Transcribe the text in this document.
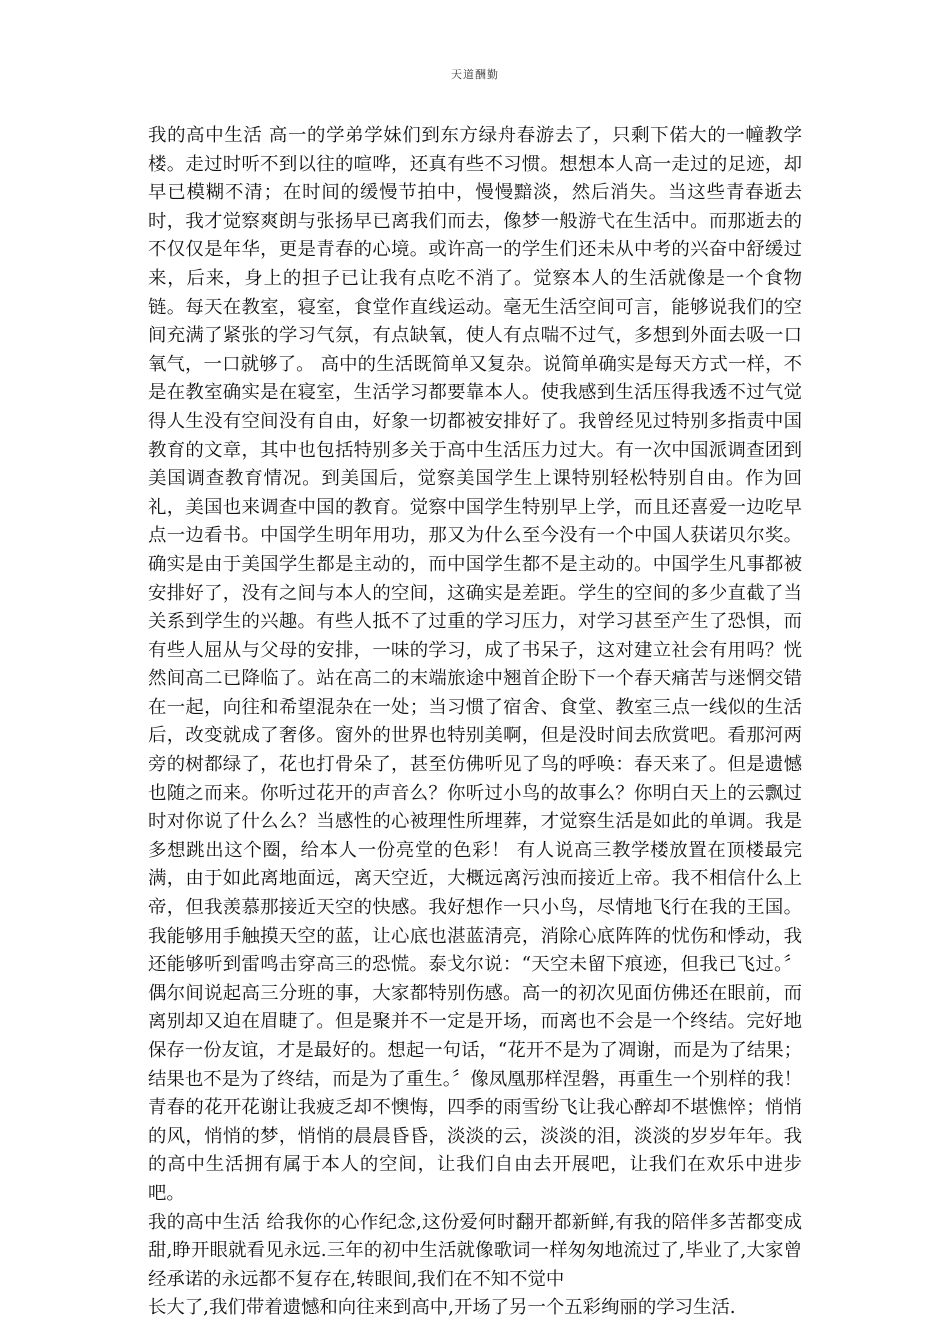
天道酬勤

我的高中生活 高一的学弟学妹们到东方绿舟春游去了，只剩下偌大的一幢教学楼。走过时听不到以往的喧哗，还真有些不习惯。想想本人高一走过的足迹，却早已模糊不清；在时间的缓慢节拍中，慢慢黯淡，然后消失。当这些青春逝去时，我才觉察爽朗与张扬早已离我们而去，像梦一般游弋在生活中。而那逝去的不仅仅是年华，更是青春的心境。或许高一的学生们还未从中考的兴奋中舒缓过来，后来，身上的担子已让我有点吃不消了。觉察本人的生活就像是一个食物链。每天在教室，寝室，食堂作直线运动。毫无生活空间可言，能够说我们的空间充满了紧张的学习气氛，有点缺氧，使人有点喘不过气，多想到外面去吸一口氧气，一口就够了。 高中的生活既简单又复杂。说简单确实是每天方式一样，不是在教室确实是在寝室，生活学习都要靠本人。使我感到生活压得我透不过气觉得人生没有空间没有自由，好象一切都被安排好了。我曾经见过特别多指责中国教育的文章，其中也包括特别多关于高中生活压力过大。有一次中国派调查团到美国调查教育情况。到美国后，觉察美国学生上课特别轻松特别自由。作为回礼，美国也来调查中国的教育。觉察中国学生特别早上学，而且还喜爱一边吃早点一边看书。中国学生明年用功，那又为什么至今没有一个中国人获诺贝尔奖。确实是由于美国学生都是主动的，而中国学生都不是主动的。中国学生凡事都被安排好了，没有之间与本人的空间，这确实是差距。学生的空间的多少直截了当关系到学生的兴趣。有些人抵不了过重的学习压力，对学习甚至产生了恐惧，而有些人屈从与父母的安排，一味的学习，成了书呆子，这对建立社会有用吗？恍然间高二已降临了。站在高二的末端旅途中翘首企盼下一个春天痛苦与迷惘交错在一起，向往和希望混杂在一处；当习惯了宿舍、食堂、教室三点一线似的生活后，改变就成了奢侈。窗外的世界也特别美啊，但是没时间去欣赏吧。看那河两旁的树都绿了，花也打骨朵了，甚至仿佛听见了鸟的呼唤：春天来了。但是遗憾也随之而来。你听过花开的声音么？你听过小鸟的故事么？你明白天上的云飘过时对你说了什么么？当感性的心被理性所埋葬，才觉察生活是如此的单调。我是多想跳出这个圈，给本人一份亮堂的色彩！ 有人说高三教学楼放置在顶楼最完满，由于如此离地面远，离天空近，大概远离污浊而接近上帝。我不相信什么上帝，但我羡慕那接近天空的快感。我好想作一只小鸟，尽情地飞行在我的王国。我能够用手触摸天空的蓝，让心底也湛蓝清亮，消除心底阵阵的忧伤和悸动，我还能够听到雷鸣击穿高三的恐慌。泰戈尔说：“天空未留下痕迹，但我已飞过。〞偶尔间说起高三分班的事，大家都特别伤感。高一的初次见面仿佛还在眼前，而离别却又迫在眉睫了。但是聚并不一定是开场，而离也不会是一个终结。完好地保存一份友谊，才是最好的。想起一句话，“花开不是为了凋谢，而是为了结果；结果也不是为了终结，而是为了重生。〞像凤凰那样涅磐，再重生一个别样的我！ 青春的花开花谢让我疲乏却不懊悔，四季的雨雪纷飞让我心醉却不堪憔悴；悄悄的风，悄悄的梦，悄悄的晨晨昏昏，淡淡的云，淡淡的泪，淡淡的岁岁年年。我的高中生活拥有属于本人的空间，让我们自由去开展吧，让我们在欢乐中进步吧。

我的高中生活 给我你的心作纪念,这份爱何时翻开都新鲜,有我的陪伴多苦都变成甜,睁开眼就看见永远.三年的初中生活就像歌词一样匆匆地流过了,毕业了,大家曾经承诺的永远都不复存在,转眼间,我们在不知不觉中

长大了,我们带着遗憾和向往来到高中,开场了另一个五彩绚丽的学习生活.
